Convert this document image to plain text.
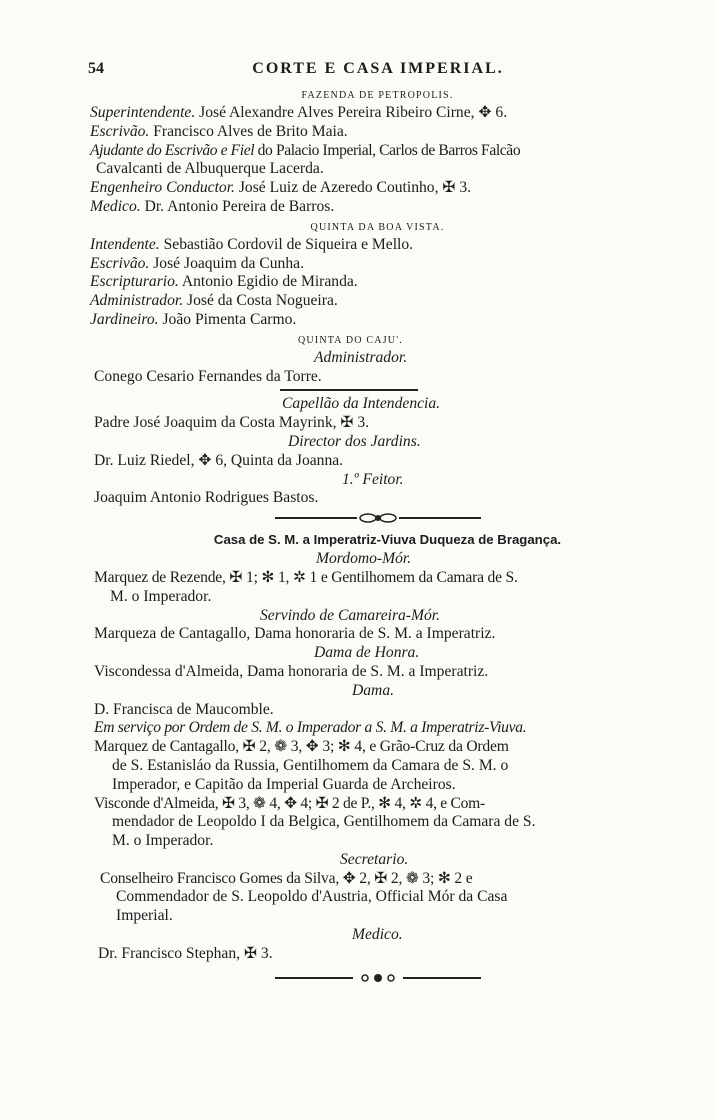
54	CORTE E CASA IMPERIAL.

FAZENDA DE PETROPOLIS.

Superintendente. José Alexandre Alves Pereira Ribeiro Cirne, ✥ 6.

Escrivão. Francisco Alves de Brito Maia.

Ajudante do Escrivão e Fiel do Palacio Imperial, Carlos de Barros Falcão

Cavalcanti de Albuquerque Lacerda.

Engenheiro Conductor. José Luiz de Azeredo Coutinho, ✠ 3.

Medico. Dr. Antonio Pereira de Barros.

QUINTA DA BOA VISTA.

Intendente. Sebastião Cordovil de Siqueira e Mello.

Escrivão. José Joaquim da Cunha.

Escripturario. Antonio Egidio de Miranda.

Administrador. José da Costa Nogueira.

Jardineiro. João Pimenta Carmo.

QUINTA DO CAJU'.

Administrador.

Conego Cesario Fernandes da Torre.

Capellão da Intendencia.

Padre José Joaquim da Costa Mayrink, ✠ 3.

Director dos Jardins.

Dr. Luiz Riedel, ✥ 6, Quinta da Joanna.

1.º Feitor.

Joaquim Antonio Rodrigues Bastos.

Casa de S. M. a Imperatriz-Viuva Duqueza de Bragança.

Mordomo-Mór.

Marquez de Rezende, ✠ 1; ✻ 1, ✲ 1 e Gentilhomem da Camara de S.

M. o Imperador.

Servindo de Camareira-Mór.

Marqueza de Cantagallo, Dama honoraria de S. M. a Imperatriz.

Dama de Honra.

Viscondessa d'Almeida, Dama honoraria de S. M. a Imperatriz.

Dama.

D. Francisca de Maucomble.

Em serviço por Ordem de S. M. o Imperador a S. M. a Imperatriz-Viuva.

Marquez de Cantagallo, ✠ 2, ❁ 3, ✥ 3; ✻ 4, e Grão-Cruz da Ordem

de S. Estanisláo da Russia, Gentilhomem da Camara de S. M. o

Imperador, e Capitão da Imperial Guarda de Archeiros.

Visconde d'Almeida, ✠ 3, ❁ 4, ✥ 4; ✠ 2 de P., ✻ 4, ✲ 4, e Com-

mendador de Leopoldo I da Belgica, Gentilhomem da Camara de S.

M. o Imperador.

Secretario.

Conselheiro Francisco Gomes da Silva, ✥ 2, ✠ 2, ❁ 3; ✻ 2 e

Commendador de S. Leopoldo d'Austria, Official Mór da Casa

Imperial.

Medico.

Dr. Francisco Stephan, ✠ 3.
